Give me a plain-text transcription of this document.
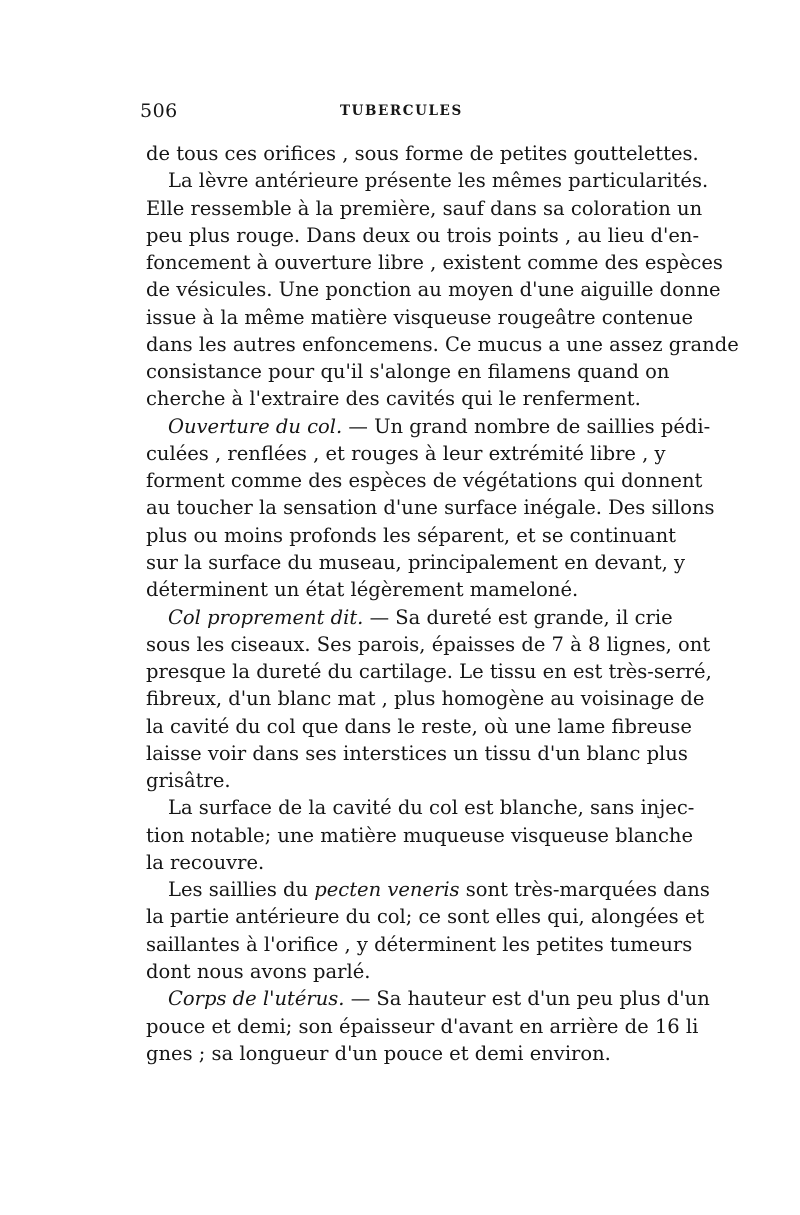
506	TUBERCULES
de tous ces orifices , sous forme de petites gouttelettes.
La lèvre antérieure présente les mêmes particularités.
Elle ressemble à la première, sauf dans sa coloration un
peu plus rouge. Dans deux ou trois points , au lieu d'en-
foncement à ouverture libre , existent comme des espèces
de vésicules. Une ponction au moyen d'une aiguille donne
issue à la même matière visqueuse rougeâtre contenue
dans les autres enfoncemens. Ce mucus a une assez grande
consistance pour qu'il s'alonge en filamens quand on
cherche à l'extraire des cavités qui le renferment.
Ouverture du col. — Un grand nombre de saillies pédi-
culées , renflées , et rouges à leur extrémité libre , y
forment comme des espèces de végétations qui donnent
au toucher la sensation d'une surface inégale. Des sillons
plus ou moins profonds les séparent, et se continuant
sur la surface du museau, principalement en devant, y
déterminent un état légèrement mameloné.
Col proprement dit. — Sa dureté est grande, il crie
sous les ciseaux. Ses parois, épaisses de 7 à 8 lignes, ont
presque la dureté du cartilage. Le tissu en est très-serré,
fibreux, d'un blanc mat , plus homogène au voisinage de
la cavité du col que dans le reste, où une lame fibreuse
laisse voir dans ses interstices un tissu d'un blanc plus
grisâtre.
La surface de la cavité du col est blanche, sans injec-
tion notable; une matière muqueuse visqueuse blanche
la recouvre.
Les saillies du pecten veneris sont très-marquées dans
la partie antérieure du col; ce sont elles qui, alongées et
saillantes à l'orifice , y déterminent les petites tumeurs
dont nous avons parlé.
Corps de l'utérus. — Sa hauteur est d'un peu plus d'un
pouce et demi; son épaisseur d'avant en arrière de 16 li
gnes ; sa longueur d'un pouce et demi environ.
